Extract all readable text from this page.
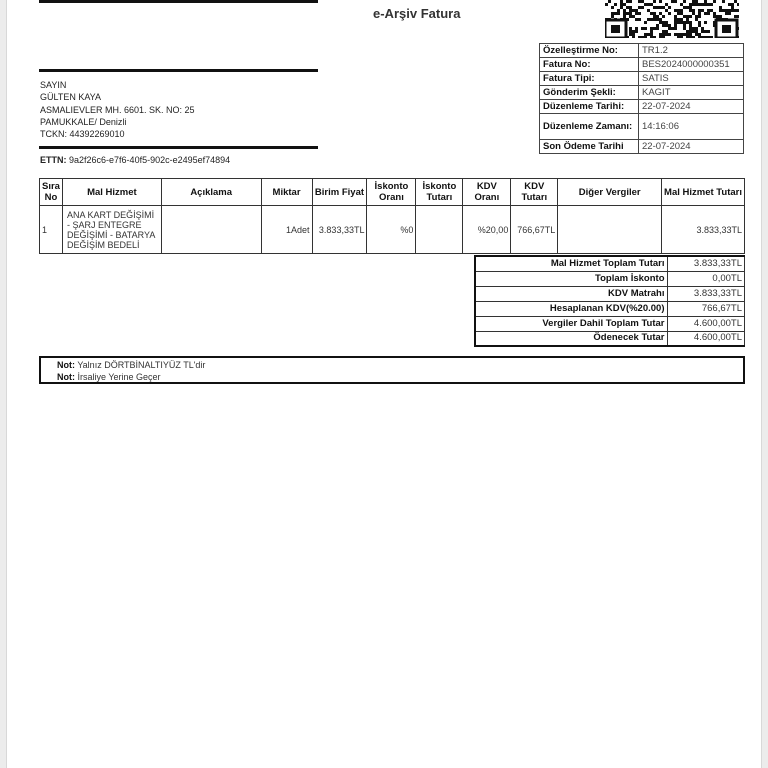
e-Arşiv Fatura
Özelleştirme No:	TR1.2
Fatura No:	BES2024000000351
Fatura Tipi:	SATIS
Gönderim Şekli:	KAGIT
Düzenleme Tarihi:	22-07-2024
Düzenleme Zamanı:	14:16:06
Son Ödeme Tarihi	22-07-2024
SAYIN
GÜLTEN KAYA
ASMALIEVLER MH. 6601. SK. NO: 25
PAMUKKALE/ Denizli
TCKN: 44392269010
ETTN: 9a2f26c6-e7f6-40f5-902c-e2495ef74894
Sıra No	Mal Hizmet	Açıklama	Miktar	Birim Fiyat	İskonto Oranı	İskonto Tutarı	KDV Oranı	KDV Tutarı	Diğer Vergiler	Mal Hizmet Tutarı
1	ANA KART DEĞİŞİMİ - ŞARJ ENTEGRE DEĞİŞİMİ - BATARYA DEĞİŞİM BEDELİ		1Adet	3.833,33TL	%0		%20,00	766,67TL		3.833,33TL
Mal Hizmet Toplam Tutarı	3.833,33TL
Toplam İskonto	0,00TL
KDV Matrahı	3.833,33TL
Hesaplanan KDV(%20.00)	766,67TL
Vergiler Dahil Toplam Tutar	4.600,00TL
Ödenecek Tutar	4.600,00TL
Not: Yalnız DÖRTBİNALTIYÜZ TL'dir
Not: İrsaliye Yerine Geçer
